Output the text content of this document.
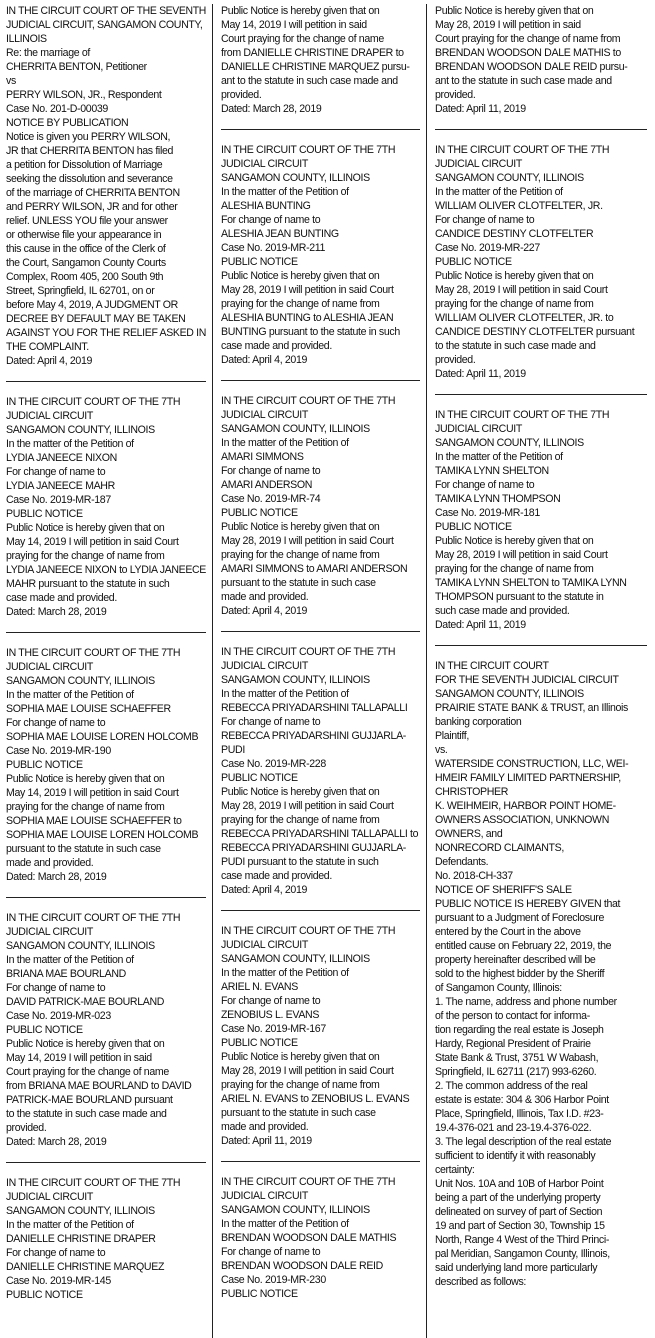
IN THE CIRCUIT COURT OF THE SEVENTH
JUDICIAL CIRCUIT, SANGAMON COUNTY,
ILLINOIS
Re: the marriage of
CHERRITA BENTON, Petitioner
vs
PERRY WILSON, JR., Respondent
Case No. 201-D-00039
NOTICE BY PUBLICATION
Notice is given you PERRY WILSON,
JR that CHERRITA BENTON has filed
a petition for Dissolution of Marriage
seeking the dissolution and severance
of the marriage of CHERRITA BENTON
and PERRY WILSON, JR and for other
relief. UNLESS YOU file your answer
or otherwise file your appearance in
this cause in the office of the Clerk of
the Court, Sangamon County Courts
Complex, Room 405, 200 South 9th
Street, Springfield, IL 62701, on or
before May 4, 2019, A JUDGMENT OR
DECREE BY DEFAULT MAY BE TAKEN
AGAINST YOU FOR THE RELIEF ASKED IN
THE COMPLAINT.
Dated: April 4, 2019
IN THE CIRCUIT COURT OF THE 7TH
JUDICIAL CIRCUIT
SANGAMON COUNTY, ILLINOIS
In the matter of the Petition of
LYDIA JANEECE NIXON
For change of name to
LYDIA JANEECE MAHR
Case No. 2019-MR-187
PUBLIC NOTICE
Public Notice is hereby given that on
May 14, 2019 I will petition in said Court
praying for the change of name from
LYDIA JANEECE NIXON to LYDIA JANEECE
MAHR pursuant to the statute in such
case made and provided.
Dated: March 28, 2019
IN THE CIRCUIT COURT OF THE 7TH
JUDICIAL CIRCUIT
SANGAMON COUNTY, ILLINOIS
In the matter of the Petition of
SOPHIA MAE LOUISE SCHAEFFER
For change of name to
SOPHIA MAE LOUISE LOREN HOLCOMB
Case No. 2019-MR-190
PUBLIC NOTICE
Public Notice is hereby given that on
May 14, 2019 I will petition in said Court
praying for the change of name from
SOPHIA MAE LOUISE SCHAEFFER to
SOPHIA MAE LOUISE LOREN HOLCOMB
pursuant to the statute in such case
made and provided.
Dated: March 28, 2019
IN THE CIRCUIT COURT OF THE 7TH
JUDICIAL CIRCUIT
SANGAMON COUNTY, ILLINOIS
In the matter of the Petition of
BRIANA MAE BOURLAND
For change of name to
DAVID PATRICK-MAE BOURLAND
Case No. 2019-MR-023
PUBLIC NOTICE
Public Notice is hereby given that on
May 14, 2019 I will petition in said
Court praying for the change of name
from BRIANA MAE BOURLAND to DAVID
PATRICK-MAE BOURLAND pursuant
to the statute in such case made and
provided.
Dated: March 28, 2019
IN THE CIRCUIT COURT OF THE 7TH
JUDICIAL CIRCUIT
SANGAMON COUNTY, ILLINOIS
In the matter of the Petition of
DANIELLE CHRISTINE DRAPER
For change of name to
DANIELLE CHRISTINE MARQUEZ
Case No. 2019-MR-145
PUBLIC NOTICE
Public Notice is hereby given that on
May 14, 2019 I will petition in said
Court praying for the change of name
from DANIELLE CHRISTINE DRAPER to
DANIELLE CHRISTINE MARQUEZ pursu-
ant to the statute in such case made and
provided.
Dated: March 28, 2019
IN THE CIRCUIT COURT OF THE 7TH
JUDICIAL CIRCUIT
SANGAMON COUNTY, ILLINOIS
In the matter of the Petition of
ALESHIA BUNTING
For change of name to
ALESHIA JEAN BUNTING
Case No. 2019-MR-211
PUBLIC NOTICE
Public Notice is hereby given that on
May 28, 2019 I will petition in said Court
praying for the change of name from
ALESHIA BUNTING to ALESHIA JEAN
BUNTING pursuant to the statute in such
case made and provided.
Dated: April 4, 2019
IN THE CIRCUIT COURT OF THE 7TH
JUDICIAL CIRCUIT
SANGAMON COUNTY, ILLINOIS
In the matter of the Petition of
AMARI SIMMONS
For change of name to
AMARI ANDERSON
Case No. 2019-MR-74
PUBLIC NOTICE
Public Notice is hereby given that on
May 28, 2019 I will petition in said Court
praying for the change of name from
AMARI SIMMONS to AMARI ANDERSON
pursuant to the statute in such case
made and provided.
Dated: April 4, 2019
IN THE CIRCUIT COURT OF THE 7TH
JUDICIAL CIRCUIT
SANGAMON COUNTY, ILLINOIS
In the matter of the Petition of
REBECCA PRIYADARSHINI TALLAPALLI
For change of name to
REBECCA PRIYADARSHINI GUJJARLA-
PUDI
Case No. 2019-MR-228
PUBLIC NOTICE
Public Notice is hereby given that on
May 28, 2019 I will petition in said Court
praying for the change of name from
REBECCA PRIYADARSHINI TALLAPALLI to
REBECCA PRIYADARSHINI GUJJARLA-
PUDI pursuant to the statute in such
case made and provided.
Dated: April 4, 2019
IN THE CIRCUIT COURT OF THE 7TH
JUDICIAL CIRCUIT
SANGAMON COUNTY, ILLINOIS
In the matter of the Petition of
ARIEL N. EVANS
For change of name to
ZENOBIUS L. EVANS
Case No. 2019-MR-167
PUBLIC NOTICE
Public Notice is hereby given that on
May 28, 2019 I will petition in said Court
praying for the change of name from
ARIEL N. EVANS to ZENOBIUS L. EVANS
pursuant to the statute in such case
made and provided.
Dated: April 11, 2019
IN THE CIRCUIT COURT OF THE 7TH
JUDICIAL CIRCUIT
SANGAMON COUNTY, ILLINOIS
In the matter of the Petition of
BRENDAN WOODSON DALE MATHIS
For change of name to
BRENDAN WOODSON DALE REID
Case No. 2019-MR-230
PUBLIC NOTICE
Public Notice is hereby given that on
May 28, 2019 I will petition in said
Court praying for the change of name from
BRENDAN WOODSON DALE MATHIS to
BRENDAN WOODSON DALE REID pursu-
ant to the statute in such case made and
provided.
Dated: April 11, 2019
IN THE CIRCUIT COURT OF THE 7TH
JUDICIAL CIRCUIT
SANGAMON COUNTY, ILLINOIS
In the matter of the Petition of
WILLIAM OLIVER CLOTFELTER, JR.
For change of name to
CANDICE DESTINY CLOTFELTER
Case No. 2019-MR-227
PUBLIC NOTICE
Public Notice is hereby given that on
May 28, 2019 I will petition in said Court
praying for the change of name from
WILLIAM OLIVER CLOTFELTER, JR. to
CANDICE DESTINY CLOTFELTER pursuant
to the statute in such case made and
provided.
Dated: April 11, 2019
IN THE CIRCUIT COURT OF THE 7TH
JUDICIAL CIRCUIT
SANGAMON COUNTY, ILLINOIS
In the matter of the Petition of
TAMIKA LYNN SHELTON
For change of name to
TAMIKA LYNN THOMPSON
Case No. 2019-MR-181
PUBLIC NOTICE
Public Notice is hereby given that on
May 28, 2019 I will petition in said Court
praying for the change of name from
TAMIKA LYNN SHELTON to TAMIKA LYNN
THOMPSON pursuant to the statute in
such case made and provided.
Dated: April 11, 2019
IN THE CIRCUIT COURT
FOR THE SEVENTH JUDICIAL CIRCUIT
SANGAMON COUNTY, ILLINOIS
PRAIRIE STATE BANK & TRUST, an Illinois
banking corporation
Plaintiff,
vs.
WATERSIDE CONSTRUCTION, LLC, WEI-
HMEIR FAMILY LIMITED PARTNERSHIP,
CHRISTOPHER
K. WEIHMEIR, HARBOR POINT HOME-
OWNERS ASSOCIATION, UNKNOWN
OWNERS, and
NONRECORD CLAIMANTS,
Defendants.
No. 2018-CH-337
NOTICE OF SHERIFF'S SALE
PUBLIC NOTICE IS HEREBY GIVEN that
pursuant to a Judgment of Foreclosure
entered by the Court in the above
entitled cause on February 22, 2019, the
property hereinafter described will be
sold to the highest bidder by the Sheriff
of Sangamon County, Illinois:
1. The name, address and phone number
of the person to contact for informa-
tion regarding the real estate is Joseph
Hardy, Regional President of Prairie
State Bank & Trust, 3751 W Wabash,
Springfield, IL 62711 (217) 993-6260.
2. The common address of the real
estate is estate: 304 & 306 Harbor Point
Place, Springfield, Illinois, Tax I.D. #23-
19.4-376-021 and 23-19.4-376-022.
3. The legal description of the real estate
sufficient to identify it with reasonably
certainty:
Unit Nos. 10A and 10B of Harbor Point
being a part of the underlying property
delineated on survey of part of Section
19 and part of Section 30, Township 15
North, Range 4 West of the Third Princi-
pal Meridian, Sangamon County, Illinois,
said underlying land more particularly
described as follows:
